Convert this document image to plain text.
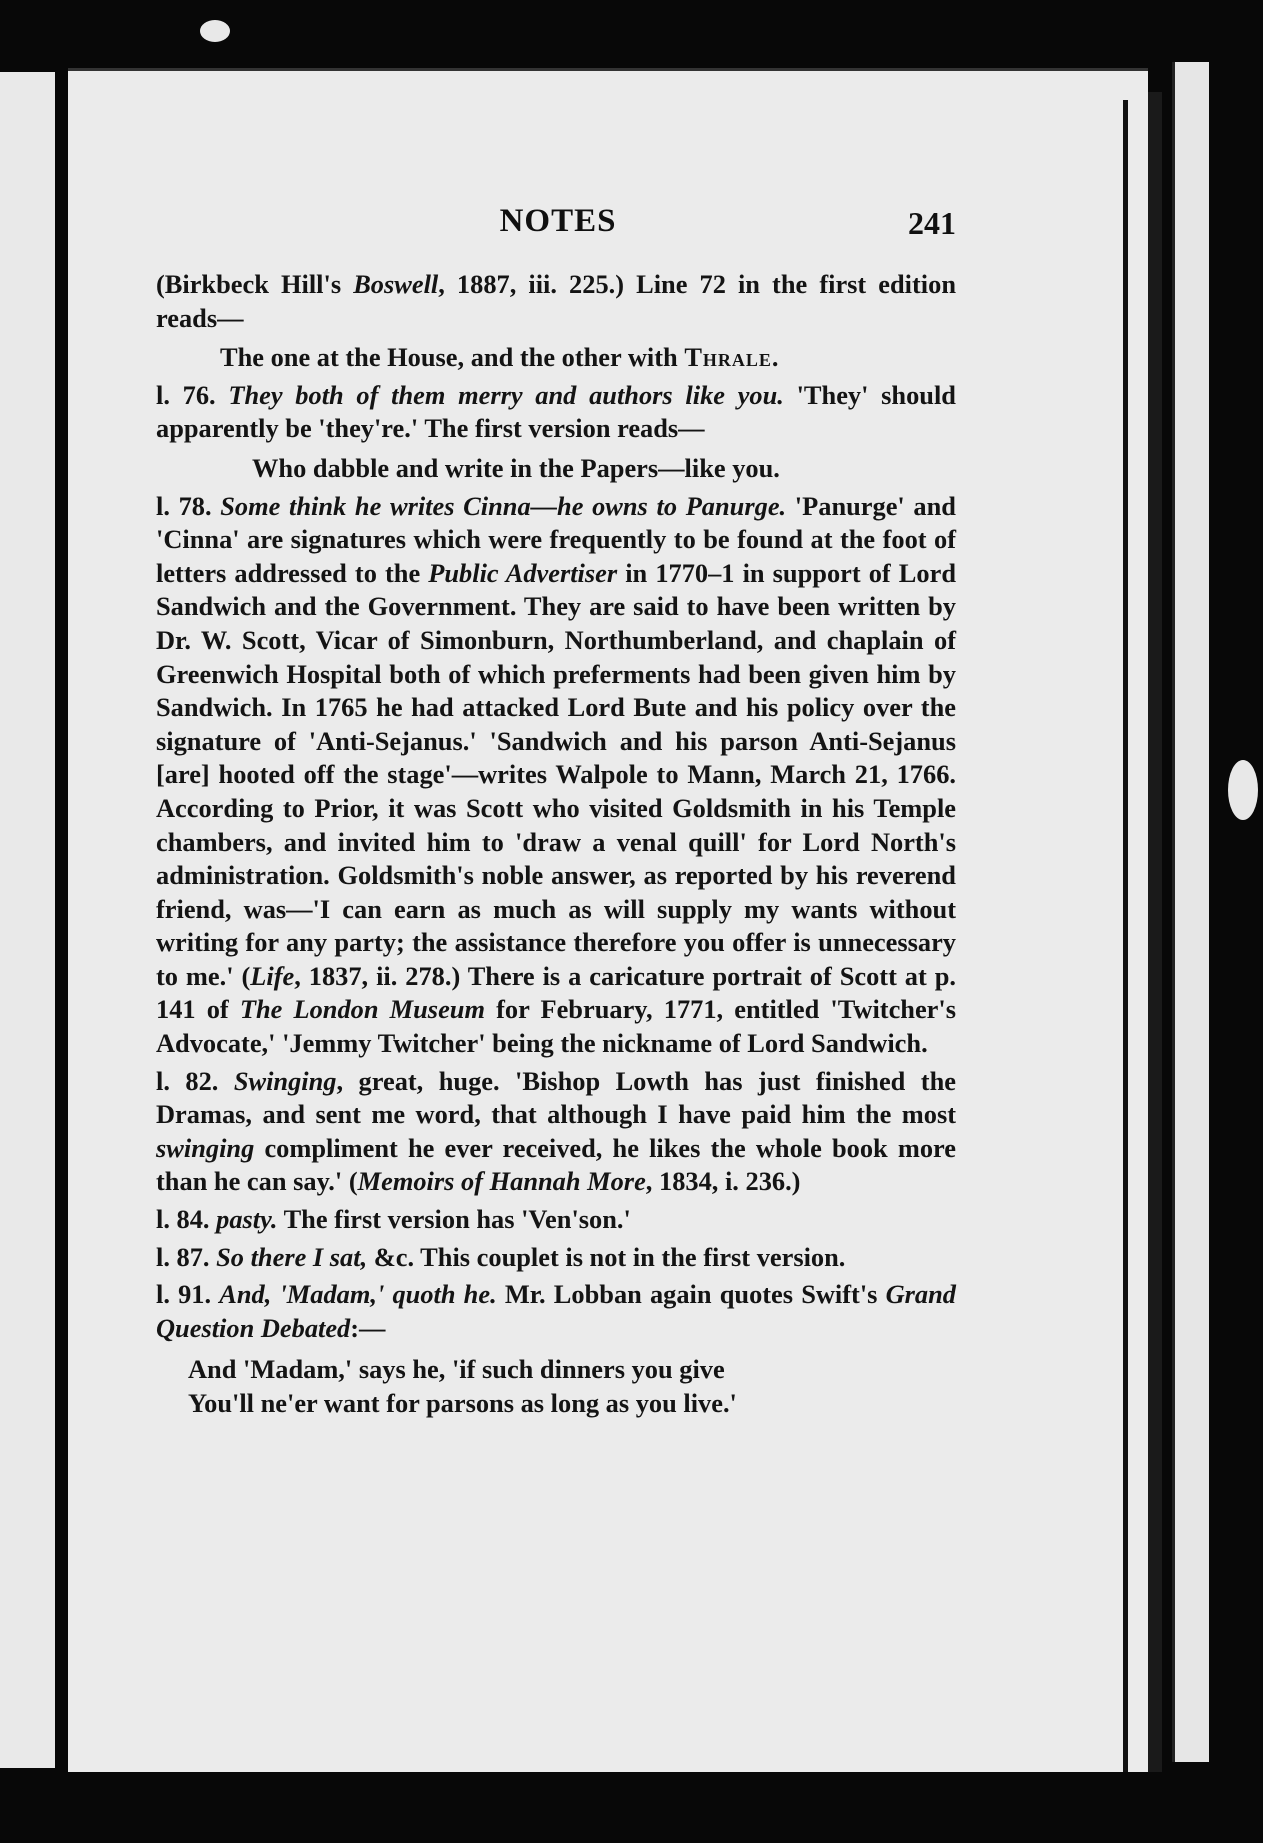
NOTES	241

(Birkbeck Hill's Boswell, 1887, iii. 225.) Line 72 in the first edition reads—

The one at the House, and the other with Thrale.

l. 76. They both of them merry and authors like you. 'They' should apparently be 'they're.' The first version reads—

Who dabble and write in the Papers—like you.

l. 78. Some think he writes Cinna—he owns to Panurge. 'Panurge' and 'Cinna' are signatures which were frequently to be found at the foot of letters addressed to the Public Advertiser in 1770–1 in support of Lord Sandwich and the Government. They are said to have been written by Dr. W. Scott, Vicar of Simonburn, Northumberland, and chaplain of Greenwich Hospital both of which preferments had been given him by Sandwich. In 1765 he had attacked Lord Bute and his policy over the signature of 'Anti-Sejanus.' 'Sandwich and his parson Anti-Sejanus [are] hooted off the stage'—writes Walpole to Mann, March 21, 1766. According to Prior, it was Scott who visited Goldsmith in his Temple chambers, and invited him to 'draw a venal quill' for Lord North's administration. Goldsmith's noble answer, as reported by his reverend friend, was—'I can earn as much as will supply my wants without writing for any party; the assistance therefore you offer is unnecessary to me.' (Life, 1837, ii. 278.) There is a caricature portrait of Scott at p. 141 of The London Museum for February, 1771, entitled 'Twitcher's Advocate,' 'Jemmy Twitcher' being the nickname of Lord Sandwich.

l. 82. Swinging, great, huge. 'Bishop Lowth has just finished the Dramas, and sent me word, that although I have paid him the most swinging compliment he ever received, he likes the whole book more than he can say.' (Memoirs of Hannah More, 1834, i. 236.)

l. 84. pasty. The first version has 'Ven'son.'

l. 87. So there I sat, &c. This couplet is not in the first version.

l. 91. And, 'Madam,' quoth he. Mr. Lobban again quotes Swift's Grand Question Debated:—

And 'Madam,' says he, 'if such dinners you give
You'll ne'er want for parsons as long as you live.'
